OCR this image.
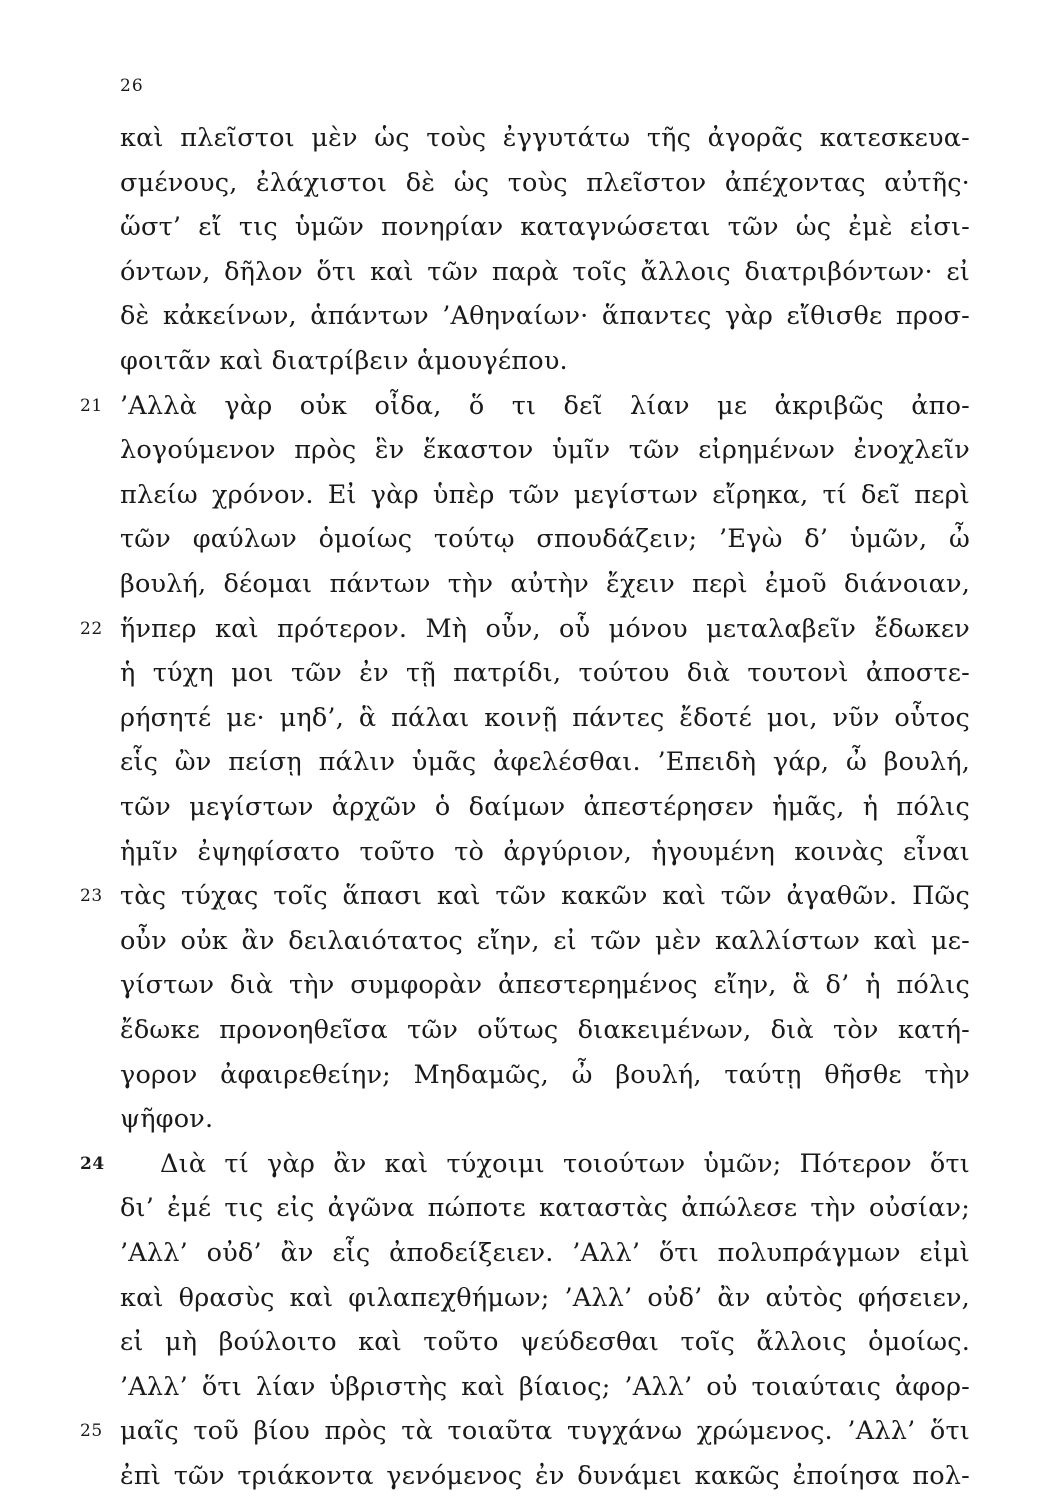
26
καὶ πλεῖστοι μὲν ὡς τοὺς ἐγγυτάτω τῆς ἀγορᾶς κατεσκευα-
σμένους, ἐλάχιστοι δὲ ὡς τοὺς πλεῖστον ἀπέχοντας αὐτῆς·
ὥστ’ εἴ τις ὑμῶν πονηρίαν καταγνώσεται τῶν ὡς ἐμὲ εἰσι-
όντων, δῆλον ὅτι καὶ τῶν παρὰ τοῖς ἄλλοις διατριβόντων· εἰ
δὲ κἀκείνων, ἁπάντων ’Αθηναίων· ἅπαντες γὰρ εἴθισθε προσ-
φοιτᾶν καὶ διατρίβειν ἁμουγέπου.
’Αλλὰ γὰρ οὐκ οἶδα, ὅ τι δεῖ λίαν με ἀκριβῶς ἀπο-
λογούμενον πρὸς ἓν ἕκαστον ὑμῖν τῶν εἰρημένων ἐνοχλεῖν
πλείω χρόνον. Εἰ γὰρ ὑπὲρ τῶν μεγίστων εἴρηκα, τί δεῖ περὶ
τῶν φαύλων ὁμοίως τούτῳ σπουδάζειν; ’Εγὼ δ’ ὑμῶν, ὦ
βουλή, δέομαι πάντων τὴν αὐτὴν ἔχειν περὶ ἐμοῦ διάνοιαν,
ἥνπερ καὶ πρότερον. Μὴ οὖν, οὗ μόνου μεταλαβεῖν ἔδωκεν
ἡ τύχη μοι τῶν ἐν τῇ πατρίδι, τούτου διὰ τουτονὶ ἀποστε-
ρήσητέ με· μηδ’, ἃ πάλαι κοινῇ πάντες ἔδοτέ μοι, νῦν οὗτος
εἷς ὢν πείσῃ πάλιν ὑμᾶς ἀφελέσθαι. ’Επειδὴ γάρ, ὦ βουλή,
τῶν μεγίστων ἀρχῶν ὁ δαίμων ἀπεστέρησεν ἡμᾶς, ἡ πόλις
ἡμῖν ἐψηφίσατο τοῦτο τὸ ἀργύριον, ἡγουμένη κοινὰς εἶναι
τὰς τύχας τοῖς ἅπασι καὶ τῶν κακῶν καὶ τῶν ἀγαθῶν. Πῶς
οὖν οὐκ ἂν δειλαιότατος εἴην, εἰ τῶν μὲν καλλίστων καὶ με-
γίστων διὰ τὴν συμφορὰν ἀπεστερημένος εἴην, ἃ δ’ ἡ πόλις
ἔδωκε προνοηθεῖσα τῶν οὕτως διακειμένων, διὰ τὸν κατή-
γορον ἀφαιρεθείην; Μηδαμῶς, ὦ βουλή, ταύτῃ θῆσθε τὴν
ψῆφον.
Διὰ τί γὰρ ἂν καὶ τύχοιμι τοιούτων ὑμῶν; Πότερον ὅτι
δι’ ἐμέ τις εἰς ἀγῶνα πώποτε καταστὰς ἀπώλεσε τὴν οὐσίαν;
’Αλλ’ οὐδ’ ἂν εἷς ἀποδείξειεν. ’Αλλ’ ὅτι πολυπράγμων εἰμὶ
καὶ θρασὺς καὶ φιλαπεχθήμων; ’Αλλ’ οὐδ’ ἂν αὐτὸς φήσειεν,
εἰ μὴ βούλοιτο καὶ τοῦτο ψεύδεσθαι τοῖς ἄλλοις ὁμοίως.
’Αλλ’ ὅτι λίαν ὑβριστὴς καὶ βίαιος; ’Αλλ’ οὐ τοιαύταις ἀφορ-
μαῖς τοῦ βίου πρὸς τὰ τοιαῦτα τυγχάνω χρώμενος. ’Αλλ’ ὅτι
ἐπὶ τῶν τριάκοντα γενόμενος ἐν δυνάμει κακῶς ἐποίησα πολ-
21
22
23
24
25
